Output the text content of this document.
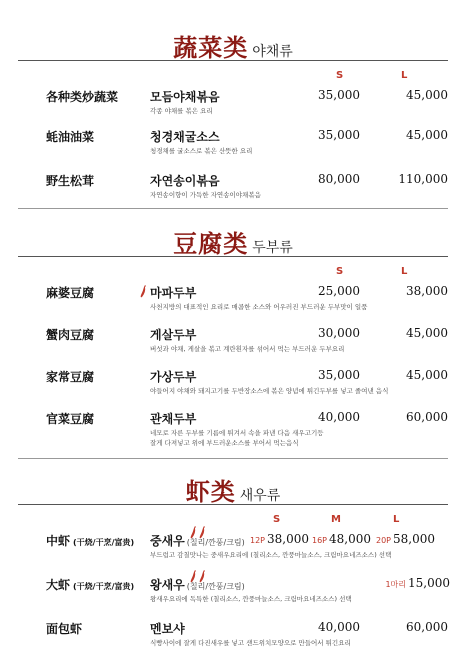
蔬菜类 야채류
S	L
各种类炒蔬菜	모듬야채볶음
각종 야채를 볶은 요리
35,000	45,000
蚝油油菜	청경채굴소스
청경채를 굴소스로 볶은 산뜻한 요리
35,000	45,000
野生松茸	자연송이볶음
자연송이향이 가득한 자연송이야채볶음
80,000	110,000
豆腐类 두부류
S	L
麻婆豆腐	마파두부
사천지방의 대표적인 요리로 매콤한 소스와 어우러진 부드러운 두부맛이 일품
25,000	38,000
蟹肉豆腐	게살두부
버섯과 야채, 게살을 볶고 계란흰자를 섞어서 먹는 부드러운 두부요리
30,000	45,000
家常豆腐	가상두부
야들어지 야채와 돼지고기를 두반장소스에 볶은 양념에 튀긴두부를 넣고 졸여낸 음식
35,000	45,000
官菜豆腐	관채두부
네모로 자른 두부를 기름에 튀겨서 속을 파낸 다음 새우고기등
잘게 다져넣고 위에 부드러운소스를 부어서 먹는음식
40,000	60,000
虾类 새우류
S	M	L
中虾 (干烧/干烹/富贵) 중새우 (칠리/깐풍/크림)
부드럽고 감칠맛나는 중새우요리에 (칠리소스, 깐풍마늘소스, 크림마요네즈소스) 선택
12P 38,000 16P 48,000 20P 58,000
大虾 (干烧/干烹/富贵) 왕새우 (칠리/깐풍/크림)
왕새우요리에 독특한 (칠리소스, 깐풍마늘소스, 크림마요네즈소스) 선택
1마리 15,000
面包虾	멘보샤
식빵사이에 잘게 다진새우를 넣고 샌드위치모양으로 만들어서 튀긴요리
40,000	60,000
